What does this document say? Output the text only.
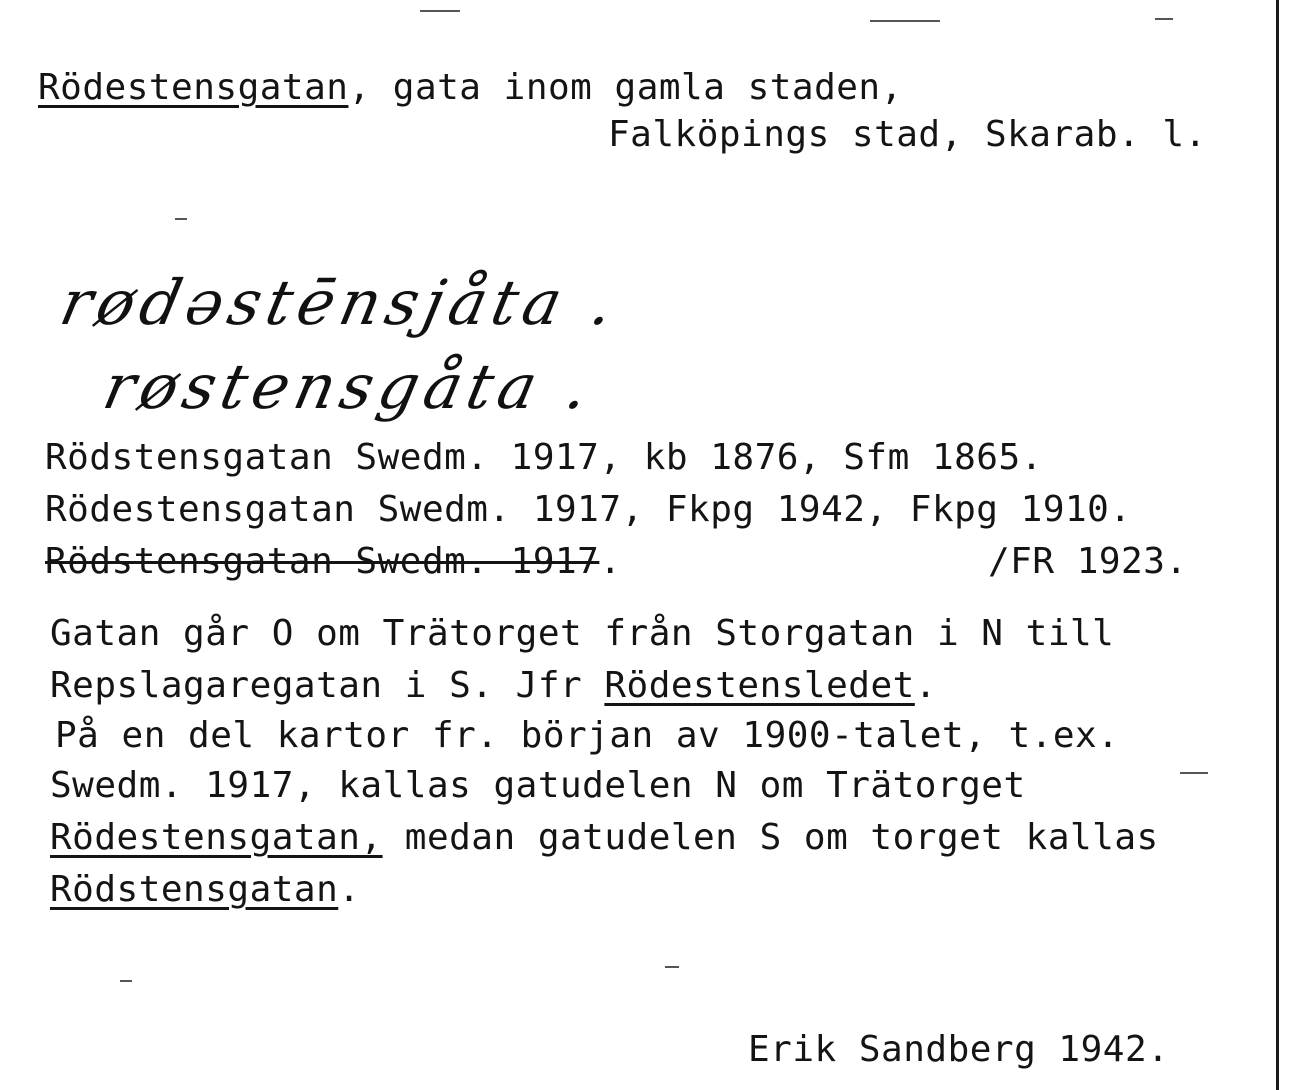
Rödestensgatan, gata inom gamla staden,
Falköpings stad, Skarab. l.
rødəstēnsjåta .
røstensgåta .
Rödstensgatan Swedm. 1917, kb 1876, Sfm 1865.
Rödestensgatan Swedm. 1917, Fkpg 1942, Fkpg 1910.
Rödstensgatan Swedm. 1917.	/FR 1923.
Gatan går O om Trätorget från Storgatan i N till
Repslagaregatan i S. Jfr Rödestensledet.
På en del kartor fr. början av 1900-talet, t.ex.
Swedm. 1917, kallas gatudelen N om Trätorget
Rödestensgatan, medan gatudelen S om torget kallas
Rödstensgatan.
Erik Sandberg 1942.
